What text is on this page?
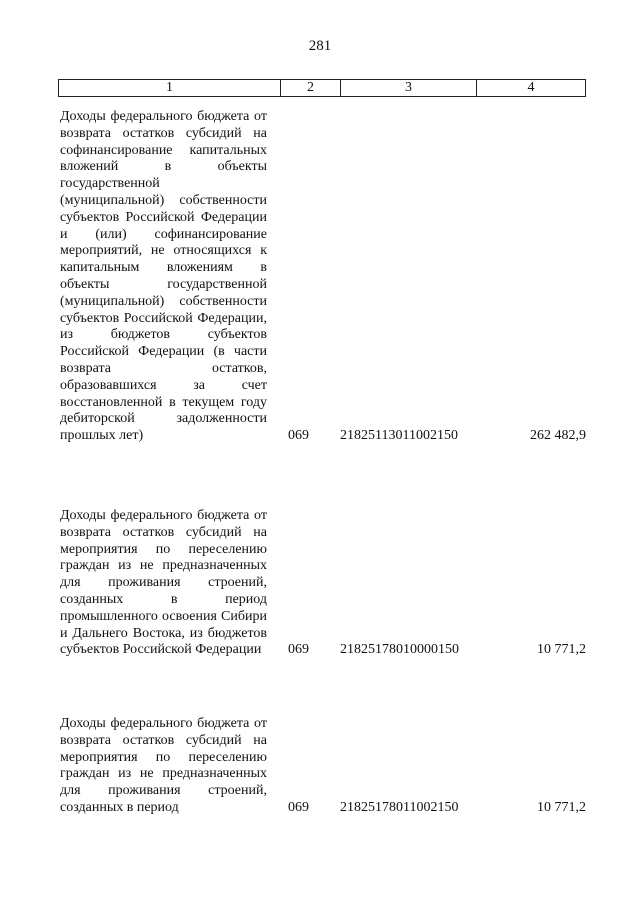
281
1	2	3	4
Доходы федерального бюджета от возврата остатков субсидий на софинансирование капитальных вложений в объекты государственной (муниципальной) собственности субъектов Российской Федерации и (или) софинансирование мероприятий, не относящихся к капитальным вложениям в объекты государственной (муниципальной) собственности субъектов Российской Федерации, из бюджетов субъектов Российской Федерации (в части возврата остатков, образовавшихся за счет восстановленной в текущем году дебиторской задолженности прошлых лет)	069	21825113011002150	262 482,9
Доходы федерального бюджета от возврата остатков субсидий на мероприятия по переселению граждан из не предназначенных для проживания строений, созданных в период промышленного освоения Сибири и Дальнего Востока, из бюджетов субъектов Российской Федерации	069	21825178010000150	10 771,2
Доходы федерального бюджета от возврата остатков субсидий на мероприятия по переселению граждан из не предназначенных для проживания строений, созданных в период	069	21825178011002150	10 771,2
